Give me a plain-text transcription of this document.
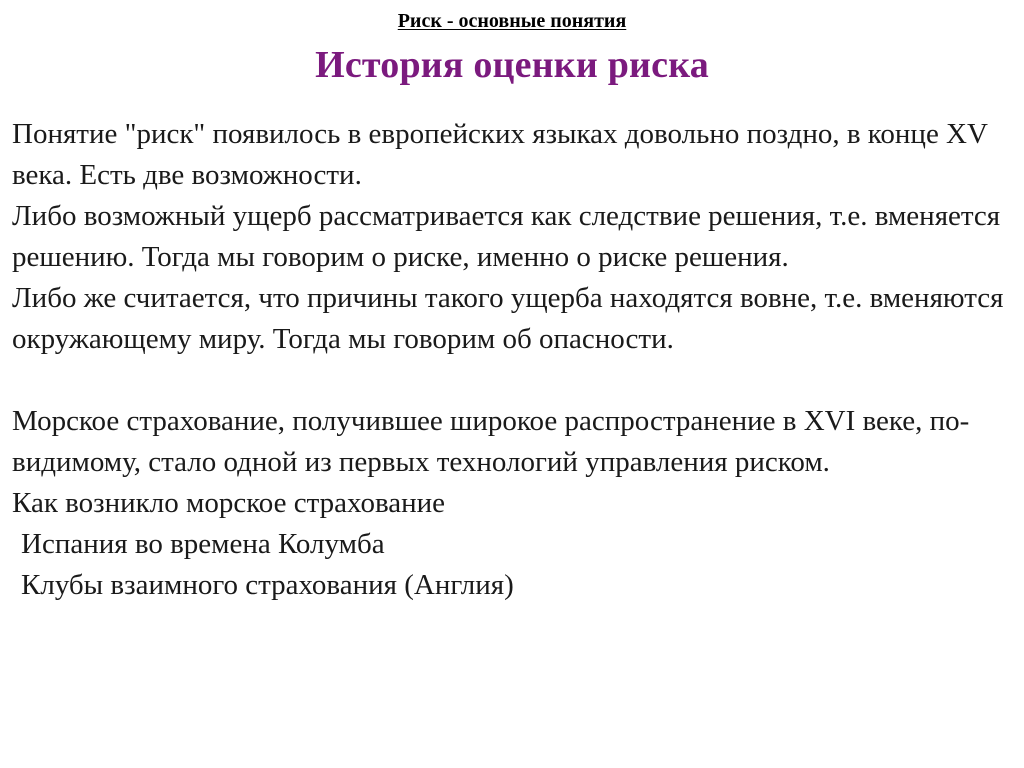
Риск - основные понятия
История оценки риска

Понятие "риск" появилось в европейских языках довольно поздно, в конце XV века. Есть две возможности.

Либо возможный ущерб рассматривается как следствие решения, т.е. вменяется решению. Тогда мы говорим о риске, именно о риске решения.

Либо же считается, что причины такого ущерба находятся вовне, т.е. вменяются окружающему миру. Тогда мы говорим об опасности.

Морское страхование, получившее широкое распространение в XVI веке, по-видимому, стало одной из первых технологий управления риском.

Как возникло морское страхование

Испания во времена Колумба

Клубы взаимного страхования (Англия)
